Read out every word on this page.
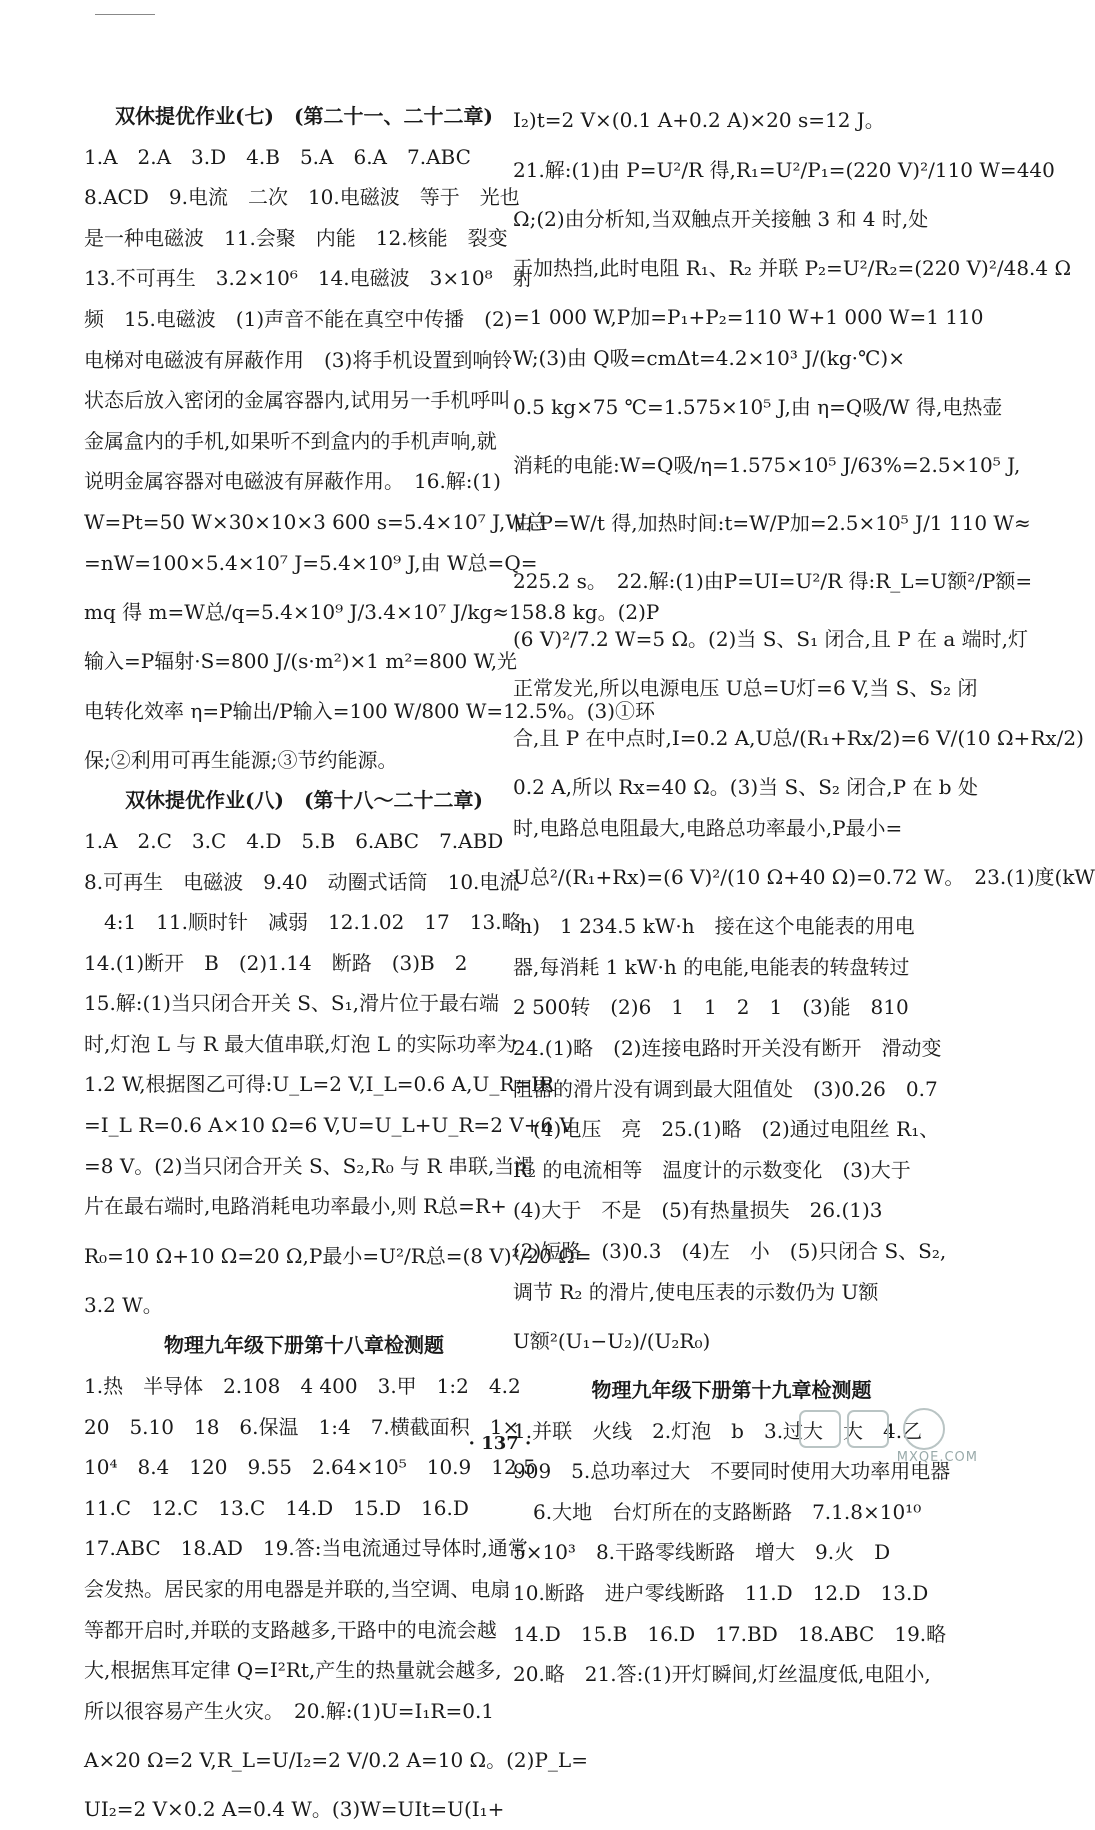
双休提优作业(七)　(第二十一、二十二章)
1.A　2.A　3.D　4.B　5.A　6.A　7.ABC
8.ACD　9.电流　二次　10.电磁波　等于　光也
是一种电磁波　11.会聚　内能　12.核能　裂变
13.不可再生　3.2×10⁶　14.电磁波　3×10⁸　射
频　15.电磁波　(1)声音不能在真空中传播　(2)
电梯对电磁波有屏蔽作用　(3)将手机设置到响铃
状态后放入密闭的金属容器内,试用另一手机呼叫
金属盒内的手机,如果听不到盒内的手机声响,就
说明金属容器对电磁波有屏蔽作用。　16.解:(1)
W=Pt=50 W×30×10×3 600 s=5.4×10⁷ J,W总
=nW=100×5.4×10⁷ J=5.4×10⁹ J,由 W总=Q=
mq 得 m=W总/q=5.4×10⁹ J/3.4×10⁷ J/kg≈158.8 kg。(2)P
输入=P辐射·S=800 J/(s·m²)×1 m²=800 W,光
电转化效率 η=P输出/P输入=100 W/800 W=12.5%。(3)①环
保;②利用可再生能源;③节约能源。
双休提优作业(八)　(第十八～二十二章)
1.A　2.C　3.C　4.D　5.B　6.ABC　7.ABD
8.可再生　电磁波　9.40　动圈式话筒　10.电流
　4:1　11.顺时针　减弱　12.1.02　17　13.略
14.(1)断开　B　(2)1.14　断路　(3)B　2
15.解:(1)当只闭合开关 S、S₁,滑片位于最右端
时,灯泡 L 与 R 最大值串联,灯泡 L 的实际功率为
1.2 W,根据图乙可得:U_L=2 V,I_L=0.6 A,U_R=IR
=I_L R=0.6 A×10 Ω=6 V,U=U_L+U_R=2 V+6 V
=8 V。(2)当只闭合开关 S、S₂,R₀ 与 R 串联,当滑
片在最右端时,电路消耗电功率最小,则 R总=R+
R₀=10 Ω+10 Ω=20 Ω,P最小=U²/R总=(8 V)²/20 Ω=
3.2 W。
物理九年级下册第十八章检测题
1.热　半导体　2.108　4 400　3.甲　1:2　4.2
20　5.10　18　6.保温　1:4　7.横截面积　1×
10⁴　8.4　120　9.55　2.64×10⁵　10.9　12.5
11.C　12.C　13.C　14.D　15.D　16.D
17.ABC　18.AD　19.答:当电流通过导体时,通常
会发热。居民家的用电器是并联的,当空调、电扇
等都开启时,并联的支路越多,干路中的电流会越
大,根据焦耳定律 Q=I²Rt,产生的热量就会越多,
所以很容易产生火灾。　20.解:(1)U=I₁R=0.1
A×20 Ω=2 V,R_L=U/I₂=2 V/0.2 A=10 Ω。(2)P_L=
UI₂=2 V×0.2 A=0.4 W。(3)W=UIt=U(I₁+
I₂)t=2 V×(0.1 A+0.2 A)×20 s=12 J。
21.解:(1)由 P=U²/R 得,R₁=U²/P₁=(220 V)²/110 W=440
Ω;(2)由分析知,当双触点开关接触 3 和 4 时,处
于加热挡,此时电阻 R₁、R₂ 并联 P₂=U²/R₂=(220 V)²/48.4 Ω
=1 000 W,P加=P₁+P₂=110 W+1 000 W=1 110
W;(3)由 Q吸=cmΔt=4.2×10³ J/(kg·℃)×
0.5 kg×75 ℃=1.575×10⁵ J,由 η=Q吸/W 得,电热壶
消耗的电能:W=Q吸/η=1.575×10⁵ J/63%=2.5×10⁵ J,
由 P=W/t 得,加热时间:t=W/P加=2.5×10⁵ J/1 110 W≈
225.2 s。　22.解:(1)由P=UI=U²/R 得:R_L=U额²/P额=
(6 V)²/7.2 W=5 Ω。(2)当 S、S₁ 闭合,且 P 在 a 端时,灯
正常发光,所以电源电压 U总=U灯=6 V,当 S、S₂ 闭
合,且 P 在中点时,I=0.2 A,U总/(R₁+Rx/2)=6 V/(10 Ω+Rx/2)
0.2 A,所以 Rx=40 Ω。(3)当 S、S₂ 闭合,P 在 b 处
时,电路总电阻最大,电路总功率最小,P最小=
U总²/(R₁+Rx)=(6 V)²/(10 Ω+40 Ω)=0.72 W。　23.(1)度(kW
·h)　1 234.5 kW·h　接在这个电能表的用电
器,每消耗 1 kW·h 的电能,电能表的转盘转过
2 500转　(2)6　1　1　2　1　(3)能　810
24.(1)略　(2)连接电路时开关没有断开　滑动变
阻器的滑片没有调到最大阻值处　(3)0.26　0.7
　(4)电压　亮　25.(1)略　(2)通过电阻丝 R₁、
R₂ 的电流相等　温度计的示数变化　(3)大于
(4)大于　不是　(5)有热量损失　26.(1)3
(2)短路　(3)0.3　(4)左　小　(5)只闭合 S、S₂,
调节 R₂ 的滑片,使电压表的示数仍为 U额
U额²(U₁−U₂)/(U₂R₀)
物理九年级下册第十九章检测题
1.并联　火线　2.灯泡　b　3.过大　大　4.乙
909　5.总功率过大　不要同时使用大功率用电器
　6.大地　台灯所在的支路断路　7.1.8×10¹⁰
5×10³　8.干路零线断路　增大　9.火　D
10.断路　进户零线断路　11.D　12.D　13.D
14.D　15.B　16.D　17.BD　18.ABC　19.略
20.略　21.答:(1)开灯瞬间,灯丝温度低,电阻小,
· 137 ·
MXQE.COM
